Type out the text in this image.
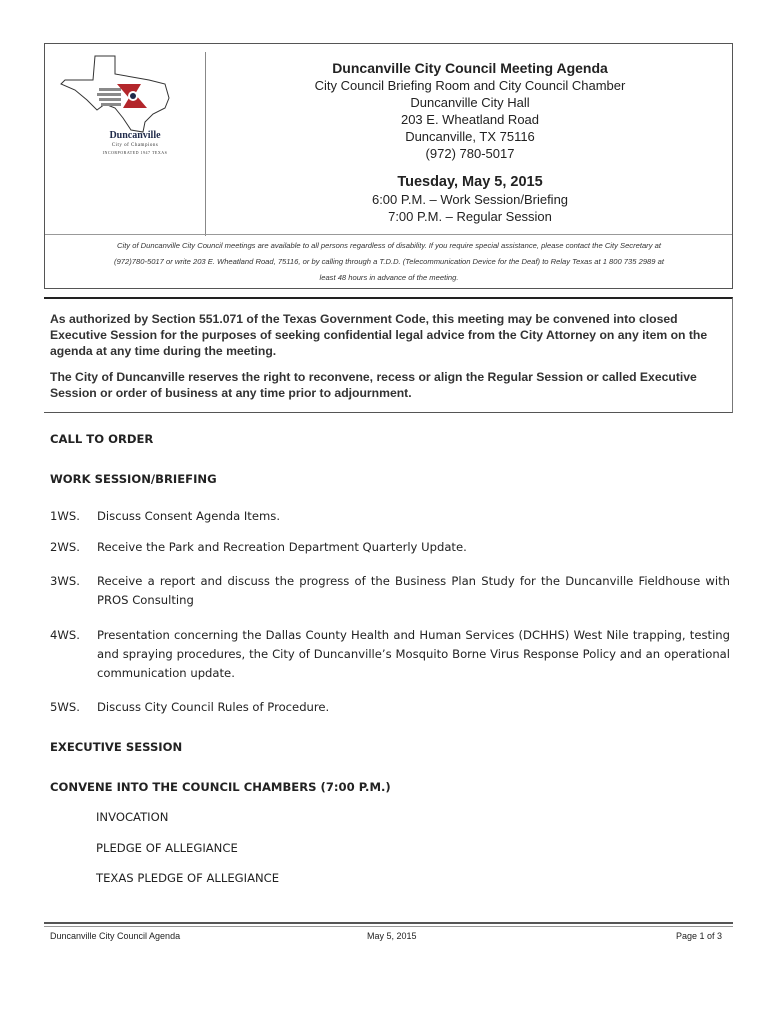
Duncanville
City of Champions
INCORPORATED 1947 TEXAS
Duncanville City Council Meeting Agenda
City Council Briefing Room and City Council Chamber
Duncanville City Hall
203 E. Wheatland Road
Duncanville, TX 75116
(972) 780-5017
Tuesday, May 5, 2015
6:00 P.M. – Work Session/Briefing
7:00 P.M. – Regular Session
City of Duncanville City Council meetings are available to all persons regardless of disability. If you require special assistance, please contact the City Secretary at
(972)780-5017 or write 203 E. Wheatland Road, 75116, or by calling through a T.D.D. (Telecommunication Device for the Deaf) to Relay Texas at 1 800 735 2989 at
least 48 hours in advance of the meeting.
As authorized by Section 551.071 of the Texas Government Code, this meeting may be convened into closed Executive Session for the purposes of seeking confidential legal advice from the City Attorney on any item on the agenda at any time during the meeting.
The City of Duncanville reserves the right to reconvene, recess or align the Regular Session or called Executive Session or order of business at any time prior to adjournment.
CALL TO ORDER
WORK SESSION/BRIEFING
1WS.	Discuss Consent Agenda Items.
2WS.	Receive the Park and Recreation Department Quarterly Update.
3WS.	Receive a report and discuss the progress of the Business Plan Study for the Duncanville Fieldhouse with PROS Consulting
4WS.	Presentation concerning the Dallas County Health and Human Services (DCHHS) West Nile trapping, testing and spraying procedures, the City of Duncanville’s Mosquito Borne Virus Response Policy and an operational communication update.
5WS.	Discuss City Council Rules of Procedure.
EXECUTIVE SESSION
CONVENE INTO THE COUNCIL CHAMBERS (7:00 P.M.)
INVOCATION
PLEDGE OF ALLEGIANCE
TEXAS PLEDGE OF ALLEGIANCE
Duncanville City Council Agenda	May 5, 2015	Page 1 of 3
